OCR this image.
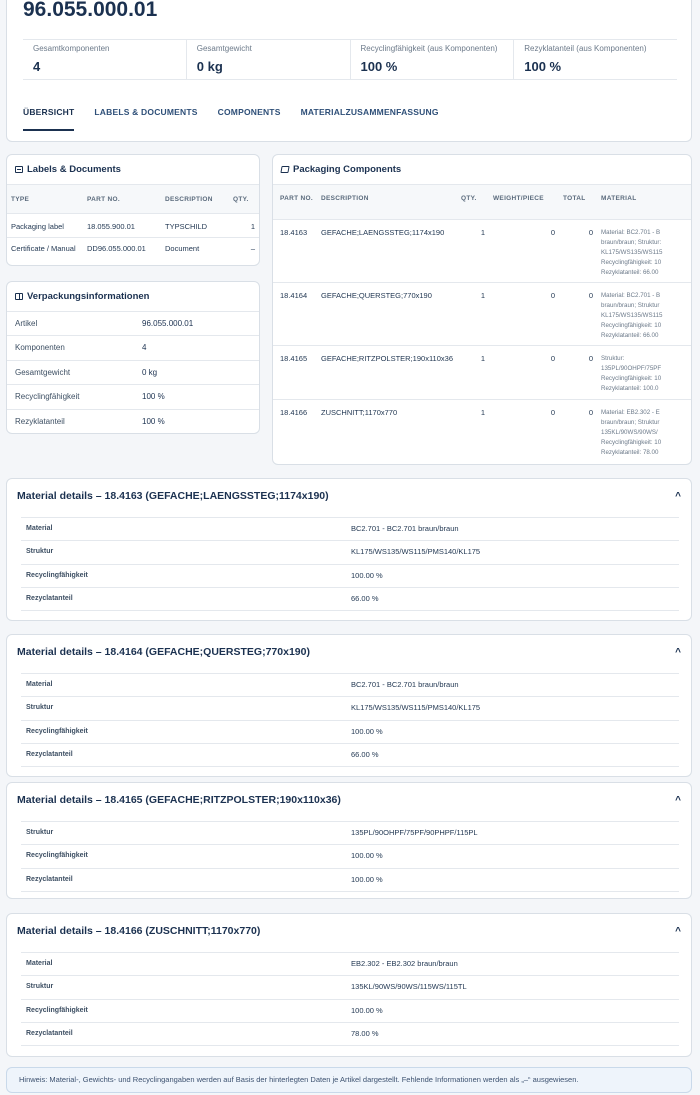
96.055.000.01
Gesamtkomponenten
4
Gesamtgewicht
0 kg
Recyclingfähigkeit (aus Komponenten)
100 %
Rezyklatanteil (aus Komponenten)
100 %
ÜBERSICHT LABELS & DOCUMENTS COMPONENTS MATERIALZUSAMMENFASSUNG
Labels & Documents
TYPE	PART NO.	DESCRIPTION	QTY.
Packaging label	18.055.900.01	TYPSCHILD	1
Certificate / Manual	DD96.055.000.01	Document	–
Verpackungsinformationen
Artikel	96.055.000.01
Komponenten	4
Gesamtgewicht	0 kg
Recyclingfähigkeit	100 %
Rezyklatanteil	100 %
Packaging Components
PART NO.	DESCRIPTION	QTY.	WEIGHT/PIECE	TOTAL	MATERIAL
18.4163	GEFACHE;LAENGSSTEG;1174x190	1	0	0	Material: BC2.701 - B
braun/braun; Struktur:
KL175/WS135/WS115
Recyclingfähigkeit: 10
Rezyklatanteil: 66.00
18.4164	GEFACHE;QUERSTEG;770x190	1	0	0	Material: BC2.701 - B
braun/braun; Struktur
KL175/WS135/WS115
Recyclingfähigkeit: 10
Rezyklatanteil: 66.00
18.4165	GEFACHE;RITZPOLSTER;190x110x36	1	0	0	Struktur:
135PL/90OHPF/75PF
Recyclingfähigkeit: 10
Rezyklatanteil: 100.0
18.4166	ZUSCHNITT;1170x770	1	0	0	Material: EB2.302 - E
braun/braun; Struktur
135KL/90WS/90WS/
Recyclingfähigkeit: 10
Rezyklatanteil: 78.00
Material details – 18.4163 (GEFACHE;LAENGSSTEG;1174x190)	^
Material	BC2.701 - BC2.701 braun/braun
Struktur	KL175/WS135/WS115/PMS140/KL175
Recyclingfähigkeit	100.00 %
Rezyclatanteil	66.00 %
Material details – 18.4164 (GEFACHE;QUERSTEG;770x190)	^
Material	BC2.701 - BC2.701 braun/braun
Struktur	KL175/WS135/WS115/PMS140/KL175
Recyclingfähigkeit	100.00 %
Rezyclatanteil	66.00 %
Material details – 18.4165 (GEFACHE;RITZPOLSTER;190x110x36)	^
Struktur	135PL/90OHPF/75PF/90PHPF/115PL
Recyclingfähigkeit	100.00 %
Rezyclatanteil	100.00 %
Material details – 18.4166 (ZUSCHNITT;1170x770)	^
Material	EB2.302 - EB2.302 braun/braun
Struktur	135KL/90WS/90WS/115WS/115TL
Recyclingfähigkeit	100.00 %
Rezyclatanteil	78.00 %
Hinweis: Material-, Gewichts- und Recyclingangaben werden auf Basis der hinterlegten Daten je Artikel dargestellt. Fehlende Informationen werden als „–“ ausgewiesen.
